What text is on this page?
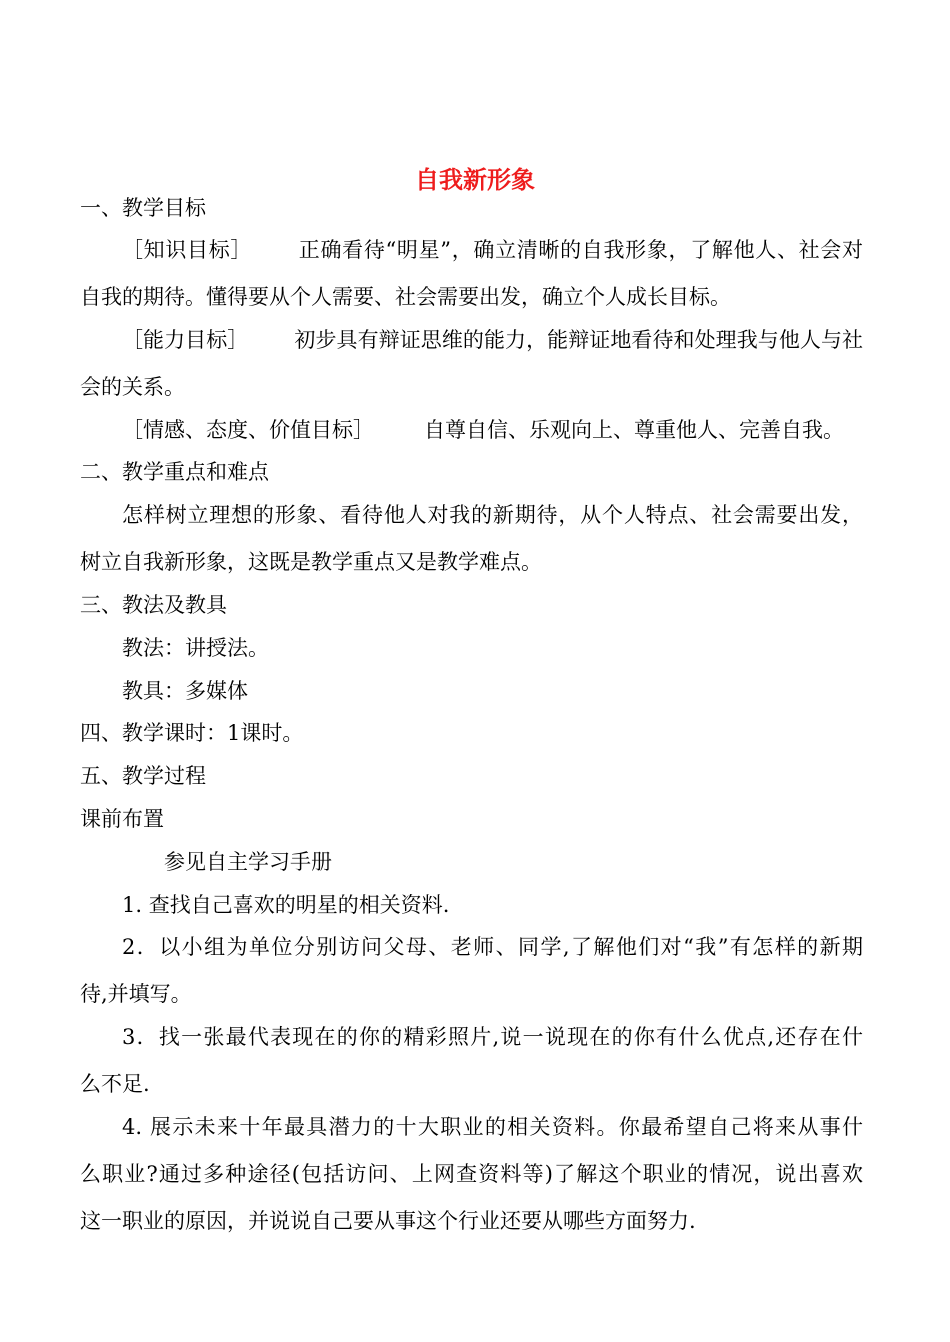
自我新形象
一、教学目标
［知识目标］ 正确看待“明星”，确立清晰的自我形象，了解他人、社会对
自我的期待。懂得要从个人需要、社会需要出发，确立个人成长目标。
［能力目标］ 初步具有辩证思维的能力，能辩证地看待和处理我与他人与社
会的关系。
［情感、态度、价值目标］ 自尊自信、乐观向上、尊重他人、完善自我。
二、教学重点和难点
怎样树立理想的形象、看待他人对我的新期待，从个人特点、社会需要出发，
树立自我新形象，这既是教学重点又是教学难点。
三、教法及教具
教法：讲授法。
教具：多媒体
四、教学课时：1课时。
五、教学过程
课前布置
参见自主学习手册
1. 查找自己喜欢的明星的相关资料.
2．以小组为单位分别访问父母、老师、同学,了解他们对“我”有怎样的新期
待,并填写。
3．找一张最代表现在的你的精彩照片,说一说现在的你有什么优点,还存在什
么不足.
4. 展示未来十年最具潜力的十大职业的相关资料。你最希望自己将来从事什
么职业?通过多种途径(包括访问、上网查资料等)了解这个职业的情况，说出喜欢
这一职业的原因，并说说自己要从事这个行业还要从哪些方面努力.
